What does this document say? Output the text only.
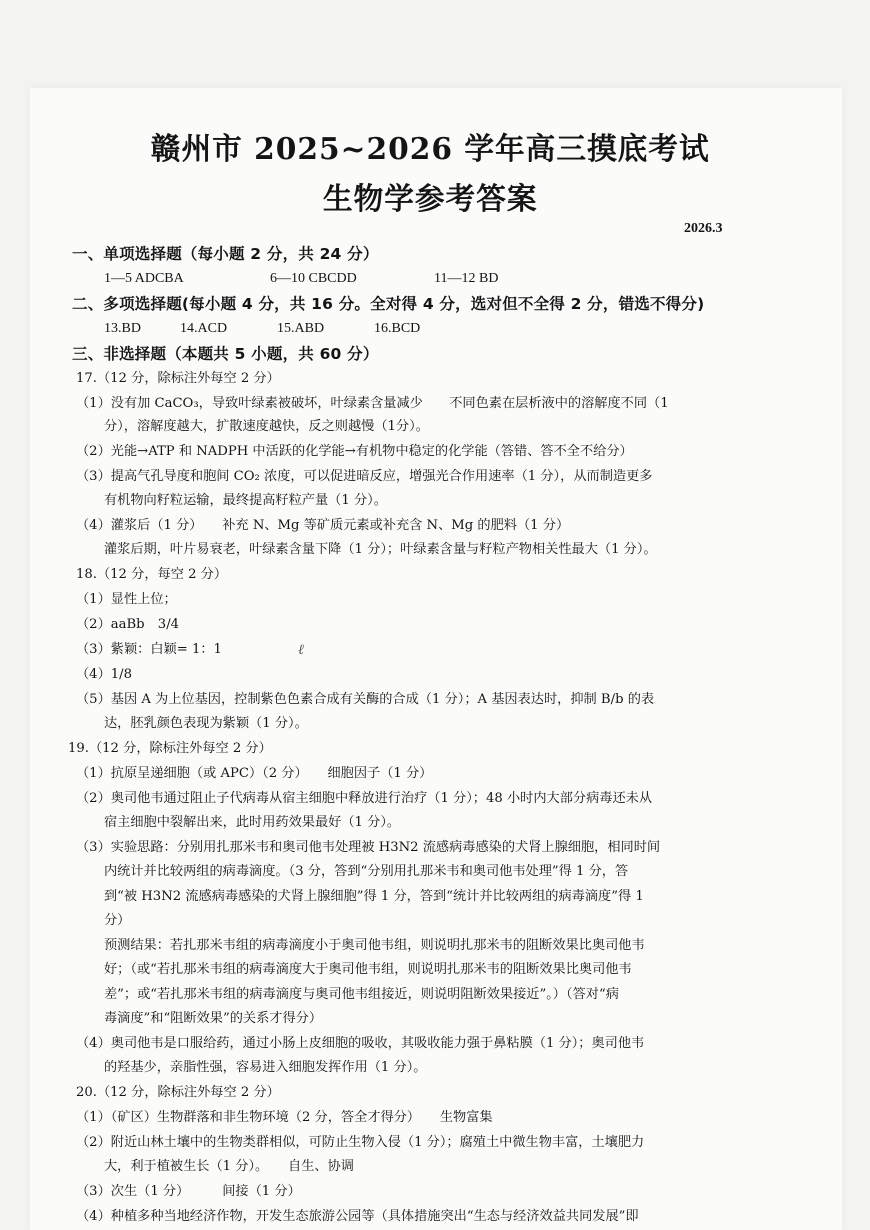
赣州市 2025~2026 学年高三摸底考试
生物学参考答案
2026.3
一、单项选择题（每小题 2 分，共 24 分）
1—5 ADCBA	6—10 CBCDD	11—12 BD
二、多项选择题(每小题 4 分，共 16 分。全对得 4 分，选对但不全得 2 分，错选不得分)
13.BD	14.ACD	15.ABD	16.BCD
三、非选择题（本题共 5 小题，共 60 分）
17.（12 分，除标注外每空 2 分）
（1）没有加 CaCO₃，导致叶绿素被破坏，叶绿素含量减少　　不同色素在层析液中的溶解度不同（1
分），溶解度越大，扩散速度越快，反之则越慢（1分）。
（2）光能→ATP 和 NADPH 中活跃的化学能→有机物中稳定的化学能（答错、答不全不给分）
（3）提高气孔导度和胞间 CO₂ 浓度，可以促进暗反应，增强光合作用速率（1 分），从而制造更多
有机物向籽粒运输，最终提高籽粒产量（1 分）。
（4）灌浆后（1 分）　　补充 N、Mg 等矿质元素或补充含 N、Mg 的肥料（1 分）
灌浆后期，叶片易衰老，叶绿素含量下降（1 分）；叶绿素含量与籽粒产物相关性最大（1 分）。
18.（12 分，每空 2 分）
（1）显性上位；
（2）aaBb　3/4
（3）紫颖：白颖= 1：1	ℓ
（4）1/8
（5）基因 A 为上位基因，控制紫色色素合成有关酶的合成（1 分）；A 基因表达时，抑制 B/b 的表
达，胚乳颜色表现为紫颖（1 分）。
19.（12 分，除标注外每空 2 分）
（1）抗原呈递细胞（或 APC）（2 分）　　细胞因子（1 分）
（2）奥司他韦通过阻止子代病毒从宿主细胞中释放进行治疗（1 分）；48 小时内大部分病毒还未从
宿主细胞中裂解出来，此时用药效果最好（1 分）。
（3）实验思路：分别用扎那米韦和奥司他韦处理被 H3N2 流感病毒感染的犬肾上腺细胞，相同时间
内统计并比较两组的病毒滴度。（3 分，答到“分别用扎那米韦和奥司他韦处理”得 1 分，答
到“被 H3N2 流感病毒感染的犬肾上腺细胞”得 1 分，答到“统计并比较两组的病毒滴度”得 1
分）
预测结果：若扎那米韦组的病毒滴度小于奥司他韦组，则说明扎那米韦的阻断效果比奥司他韦
好；（或“若扎那米韦组的病毒滴度大于奥司他韦组，则说明扎那米韦的阻断效果比奥司他韦
差”；或“若扎那米韦组的病毒滴度与奥司他韦组接近，则说明阻断效果接近”。）（答对“病
毒滴度”和“阻断效果”的关系才得分）
（4）奥司他韦是口服给药，通过小肠上皮细胞的吸收，其吸收能力强于鼻粘膜（1 分）；奥司他韦
的羟基少，亲脂性强，容易进入细胞发挥作用（1 分）。
20.（12 分，除标注外每空 2 分）
（1）（矿区）生物群落和非生物环境（2 分，答全才得分）　　生物富集
（2）附近山林土壤中的生物类群相似，可防止生物入侵（1 分）；腐殖土中微生物丰富，土壤肥力
大，利于植被生长（1 分）。　　自生、协调
（3）次生（1 分）　　　间接（1 分）
（4）种植多种当地经济作物，开发生态旅游公园等（具体措施突出“生态与经济效益共同发展”即
